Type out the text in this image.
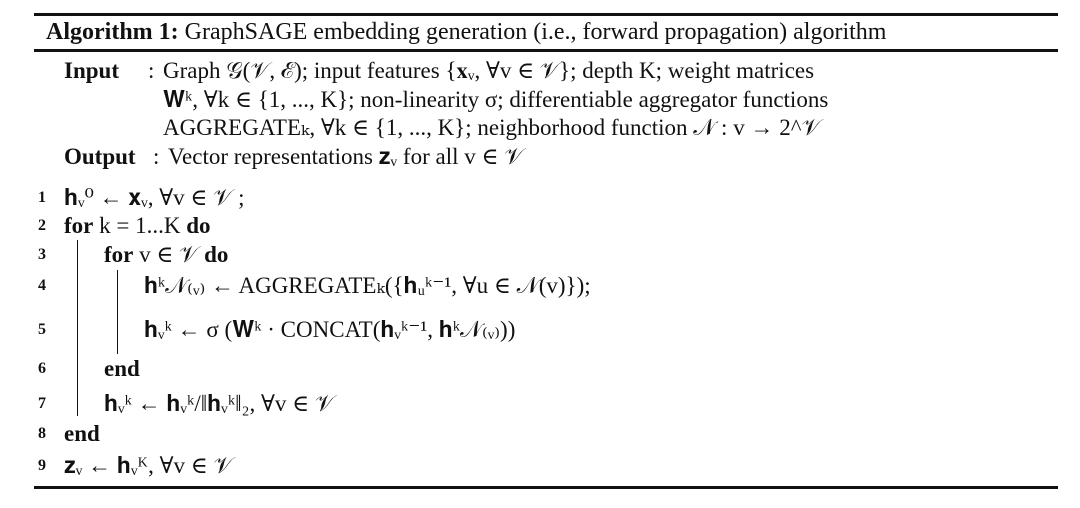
Algorithm 1: GraphSAGE embedding generation (i.e., forward propagation) algorithm
Input : Graph 𝒢(𝒱, ℰ); input features {𝐱ᵥ, ∀v ∈ 𝒱}; depth K; weight matrices
𝐖ᵏ, ∀k ∈ {1, ..., K}; non-linearity σ; differentiable aggregator functions
AGGREGATEₖ, ∀k ∈ {1, ..., K}; neighborhood function 𝒩 : v → 2^𝒱
Output : Vector representations 𝐳ᵥ for all v ∈ 𝒱
1 𝐡ᵥ⁰ ← 𝐱ᵥ, ∀v ∈ 𝒱 ;
2 for k = 1...K do
3	for v ∈ 𝒱 do
4	𝐡ᵏ𝒩₍ᵥ₎ ← AGGREGATEₖ({𝐡ᵤᵏ⁻¹, ∀u ∈ 𝒩(v)});
5	𝐡ᵥᵏ ← σ (𝐖ᵏ · CONCAT(𝐡ᵥᵏ⁻¹, 𝐡ᵏ𝒩₍ᵥ₎))
6	end
7	𝐡ᵥᵏ ← 𝐡ᵥᵏ/‖𝐡ᵥᵏ‖₂, ∀v ∈ 𝒱
8 end
9 𝐳ᵥ ← 𝐡ᵥᴷ, ∀v ∈ 𝒱
